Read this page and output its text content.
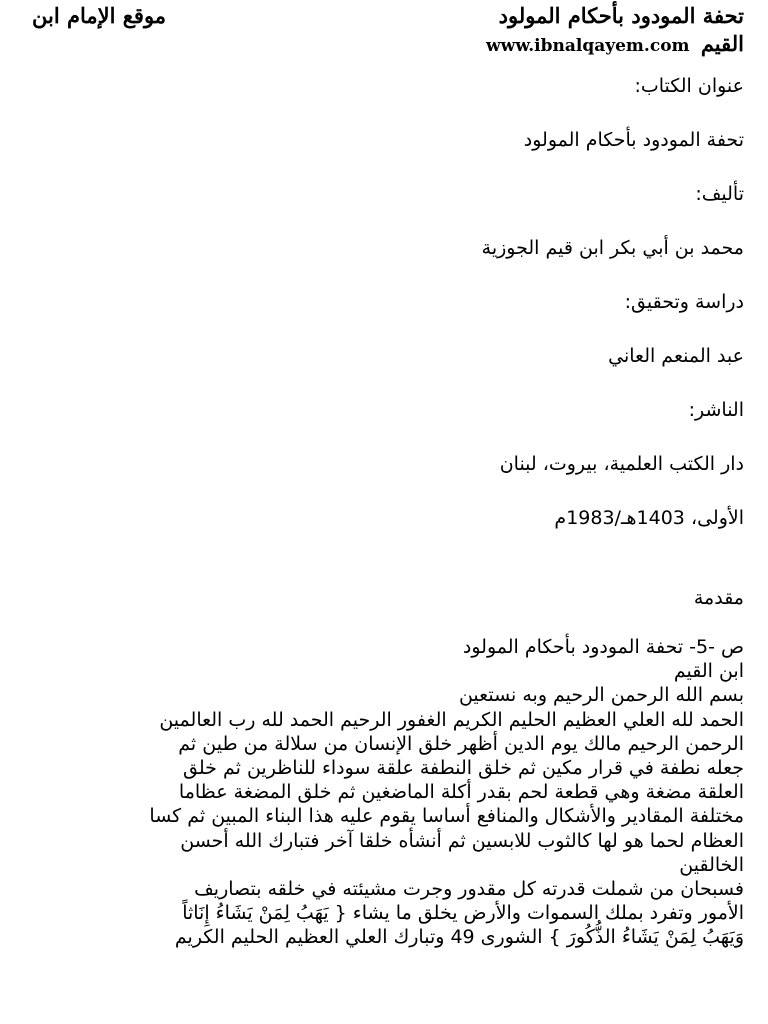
تحفة المودود بأحكام المولود
القيم www.ibnalqayem.com
موقع الإمام ابن

عنوان الكتاب:

تحفة المودود بأحكام المولود

تأليف:

محمد بن أبي بكر ابن قيم الجوزية

دراسة وتحقيق:

عبد المنعم العاني

الناشر:

دار الكتب العلمية، بيروت، لبنان

الأولى، 1403هـ/1983م

مقدمة
ص -5- تحفة المودود بأحكام المولود
ابن القيم
بسم الله الرحمن الرحيم وبه نستعين
الحمد لله العلي العظيم الحليم الكريم الغفور الرحيم الحمد لله رب العالمين
الرحمن الرحيم مالك يوم الدين أظهر خلق الإنسان من سلالة من طين ثم
جعله نطفة في قرار مكين ثم خلق النطفة علقة سوداء للناظرين ثم خلق
العلقة مضغة وهي قطعة لحم بقدر أكلة الماضغين ثم خلق المضغة عظاما
مختلفة المقادير والأشكال والمنافع أساسا يقوم عليه هذا البناء المبين ثم كسا
العظام لحما هو لها كالثوب للابسين ثم أنشأه خلقا آخر فتبارك الله أحسن
الخالقين
فسبحان من شملت قدرته كل مقدور وجرت مشيئته في خلقه بتصاريف
الأمور وتفرد بملك السموات والأرض يخلق ما يشاء { يَهَبُ لِمَنْ يَشَاءُ إِنَاثاً
وَيَهَبُ لِمَنْ يَشَاءُ الذُّكُورَ } الشورى 49 وتبارك العلي العظيم الحليم الكريم
